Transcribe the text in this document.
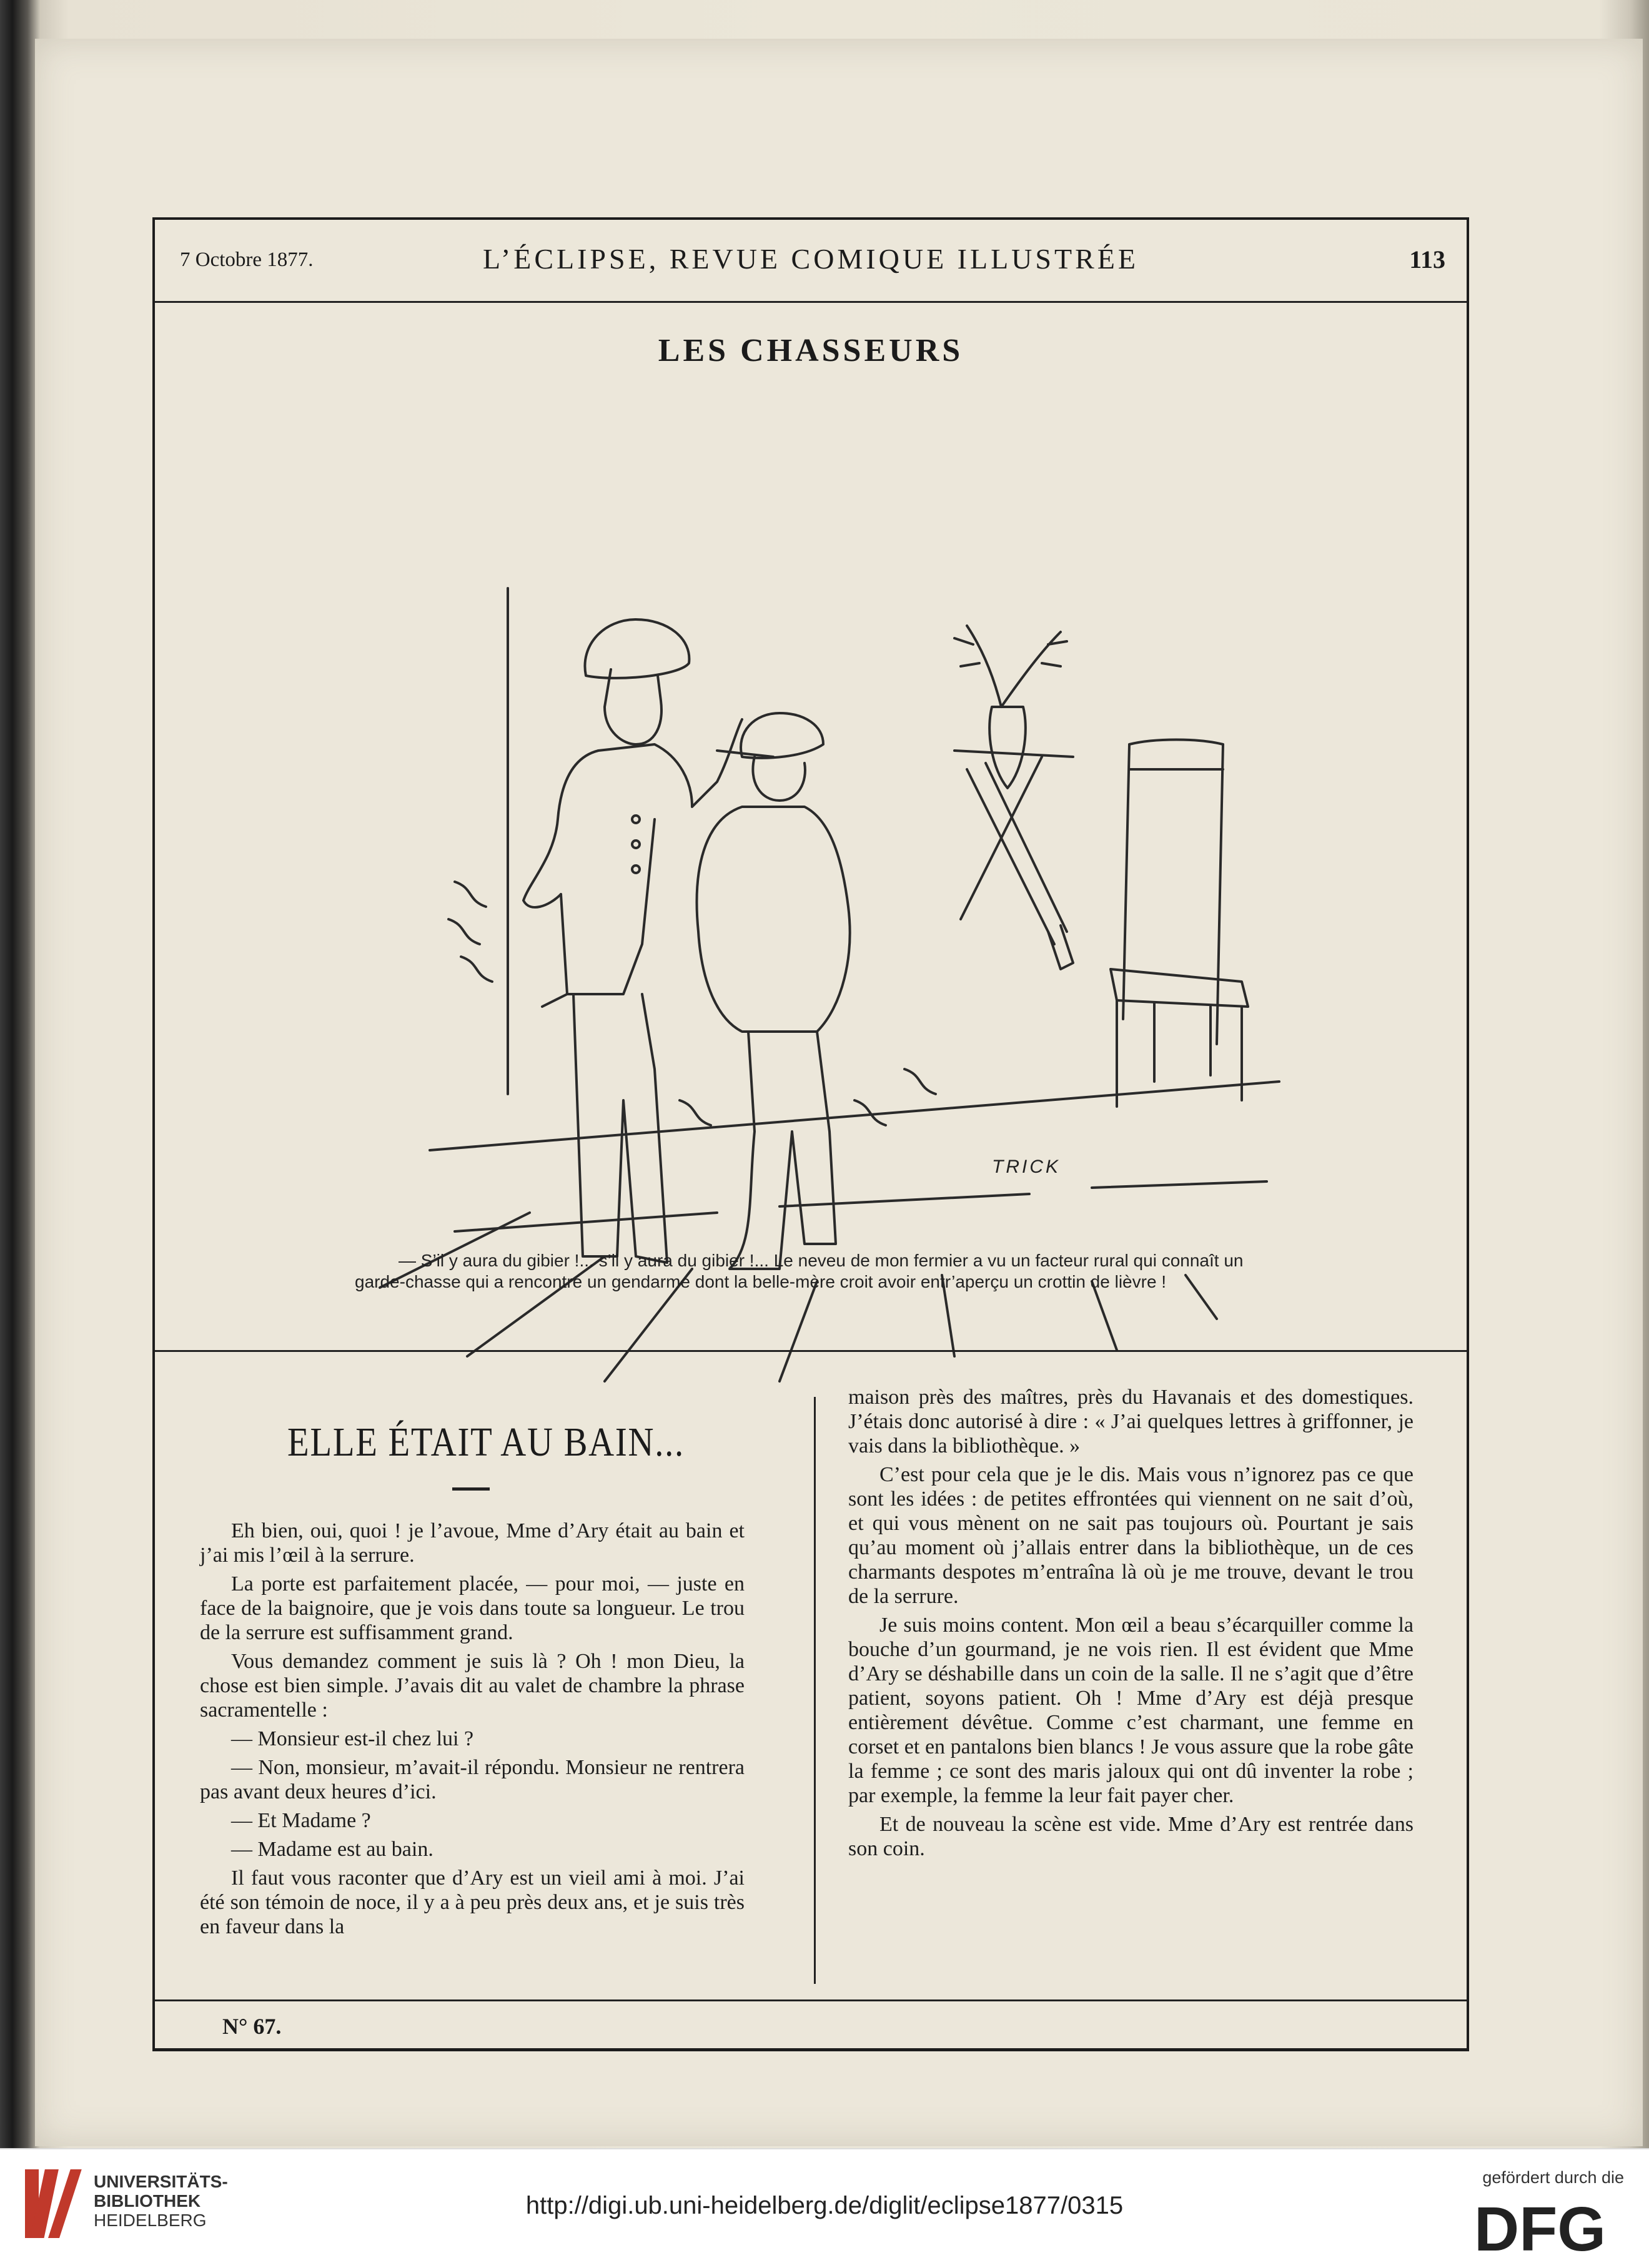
7 Octobre 1877.	L’ÉCLIPSE, REVUE COMIQUE ILLUSTRÉE	113
LES CHASSEURS
TRICK
— S’il y aura du gibier !... s’il y aura du gibier !... Le neveu de mon fermier a vu un facteur rural qui connaît un garde-chasse qui a rencontré un gendarme dont la belle-mère croit avoir entr’aperçu un crottin de lièvre !
ELLE ÉTAIT AU BAIN...

Eh bien, oui, quoi ! je l’avoue, Mme d’Ary était au bain et j’ai mis l’œil à la serrure.

La porte est parfaitement placée, — pour moi, — juste en face de la baignoire, que je vois dans toute sa longueur. Le trou de la serrure est suffisamment grand.

Vous demandez comment je suis là ? Oh ! mon Dieu, la chose est bien simple. J’avais dit au valet de chambre la phrase sacramentelle :

— Monsieur est-il chez lui ?

— Non, monsieur, m’avait-il répondu. Monsieur ne rentrera pas avant deux heures d’ici.

— Et Madame ?

— Madame est au bain.

Il faut vous raconter que d’Ary est un vieil ami à moi. J’ai été son témoin de noce, il y a à peu près deux ans, et je suis très en faveur dans la

maison près des maîtres, près du Havanais et des domestiques. J’étais donc autorisé à dire : « J’ai quelques lettres à griffonner, je vais dans la bibliothèque. »

C’est pour cela que je le dis. Mais vous n’ignorez pas ce que sont les idées : de petites effrontées qui viennent on ne sait d’où, et qui vous mènent on ne sait pas toujours où. Pourtant je sais qu’au moment où j’allais entrer dans la bibliothèque, un de ces charmants despotes m’entraîna là où je me trouve, devant le trou de la serrure.

Je suis moins content. Mon œil a beau s’écarquiller comme la bouche d’un gourmand, je ne vois rien. Il est évident que Mme d’Ary se déshabille dans un coin de la salle. Il ne s’agit que d’être patient, soyons patient. Oh ! Mme d’Ary est déjà presque entièrement dévêtue. Comme c’est charmant, une femme en corset et en pantalons bien blancs ! Je vous assure que la robe gâte la femme ; ce sont des maris jaloux qui ont dû inventer la robe ; par exemple, la femme la leur fait payer cher.

Et de nouveau la scène est vide. Mme d’Ary est rentrée dans son coin.

N° 67.
UNIVERSITÄTS-
BIBLIOTHEK
HEIDELBERG
http://digi.ub.uni-heidelberg.de/diglit/eclipse1877/0315
gefördert durch die
DFG
